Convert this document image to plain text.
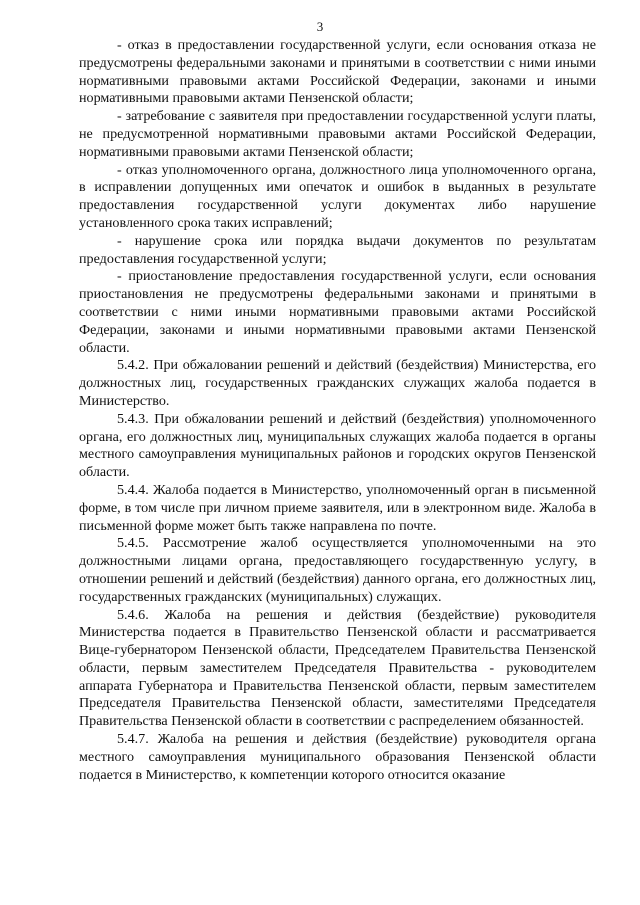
3

- отказ в предоставлении государственной услуги, если основания отказа не предусмотрены федеральными законами и принятыми в соответствии с ними иными нормативными правовыми актами Российской Федерации, законами и иными нормативными правовыми актами Пензенской области;

- затребование с заявителя при предоставлении государственной услуги платы, не предусмотренной нормативными правовыми актами Российской Федерации, нормативными правовыми актами Пензенской области;

- отказ уполномоченного органа, должностного лица уполномоченного органа, в исправлении допущенных ими опечаток и ошибок в выданных в результате предоставления государственной услуги документах либо нарушение установленного срока таких исправлений;

- нарушение срока или порядка выдачи документов по результатам предоставления государственной услуги;

- приостановление предоставления государственной услуги, если основания приостановления не предусмотрены федеральными законами и принятыми в соответствии с ними иными нормативными правовыми актами Российской Федерации, законами и иными нормативными правовыми актами Пензенской области.

5.4.2. При обжаловании решений и действий (бездействия) Министерства, его должностных лиц, государственных гражданских служащих жалоба подается в Министерство.

5.4.3. При обжаловании решений и действий (бездействия) уполномоченного органа, его должностных лиц, муниципальных служащих жалоба подается в органы местного самоуправления муниципальных районов и городских округов Пензенской области.

5.4.4. Жалоба подается в Министерство, уполномоченный орган в письменной форме, в том числе при личном приеме заявителя, или в электронном виде. Жалоба в письменной форме может быть также направлена по почте.

5.4.5. Рассмотрение жалоб осуществляется уполномоченными на это должностными лицами органа, предоставляющего государственную услугу, в отношении решений и действий (бездействия) данного органа, его должностных лиц, государственных гражданских (муниципальных) служащих.

5.4.6. Жалоба на решения и действия (бездействие) руководителя Министерства подается в Правительство Пензенской области и рассматривается Вице-губернатором Пензенской области, Председателем Правительства Пензенской области, первым заместителем Председателя Правительства - руководителем аппарата Губернатора и Правительства Пензенской области, первым заместителем Председателя Правительства Пензенской области, заместителями Председателя Правительства Пензенской области в соответствии с распределением обязанностей.

5.4.7. Жалоба на решения и действия (бездействие) руководителя органа местного самоуправления муниципального образования Пензенской области подается в Министерство, к компетенции которого относится оказание
